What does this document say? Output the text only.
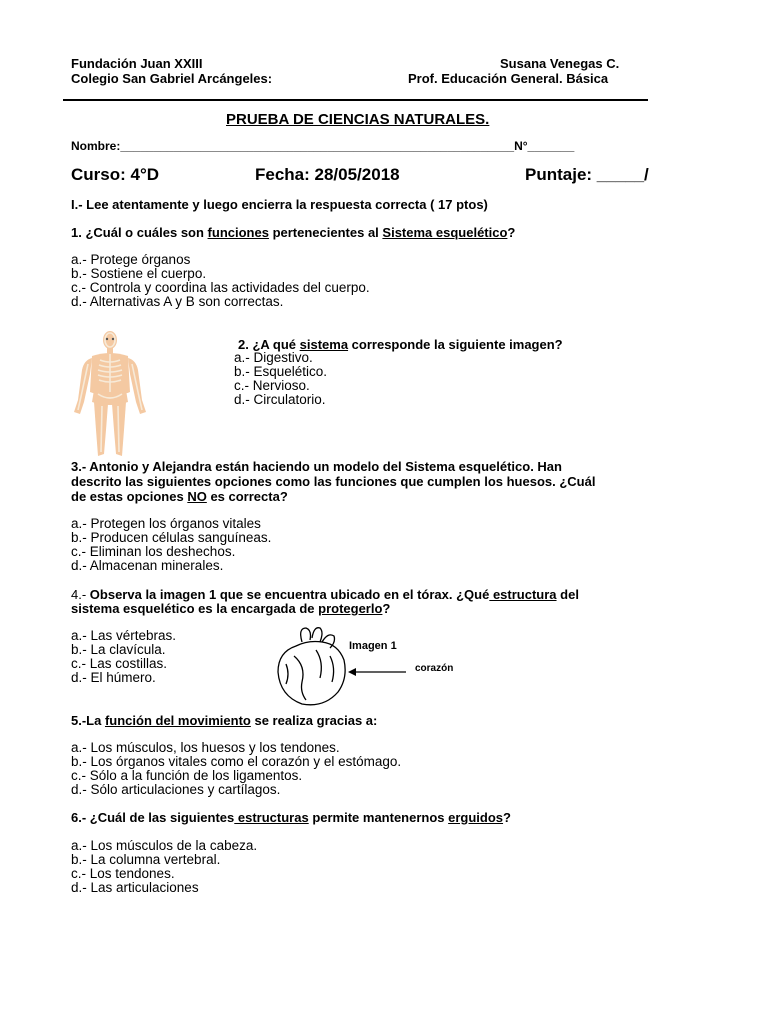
Fundación Juan XXIII
Colegio San Gabriel Arcángeles:
Susana Venegas C.
Prof. Educación General. Básica
PRUEBA DE CIENCIAS NATURALES.
Nombre:___________________________________________________________N°_______
Curso: 4°D	Fecha: 28/05/2018	Puntaje: _____/
I.- Lee atentamente y luego encierra la respuesta correcta ( 17 ptos)
1. ¿Cuál o cuáles son funciones pertenecientes al Sistema esquelético?
a.- Protege órganos
b.- Sostiene el cuerpo.
c.- Controla y coordina las actividades del cuerpo.
d.- Alternativas A y B son correctas.
2. ¿A qué sistema corresponde la siguiente imagen?
a.- Digestivo.
b.- Esquelético.
c.- Nervioso.
d.- Circulatorio.
3.- Antonio y Alejandra están haciendo un modelo del Sistema esquelético. Han
descrito las siguientes opciones como las funciones que cumplen los huesos. ¿Cuál
de estas opciones NO es correcta?
a.- Protegen los órganos vitales
b.- Producen células sanguíneas.
c.- Eliminan los deshechos.
d.- Almacenan minerales.
4.- Observa la imagen 1 que se encuentra ubicado en el tórax. ¿Qué estructura del
sistema esquelético es la encargada de protegerlo?
a.- Las vértebras.
b.- La clavícula.
c.- Las costillas.
d.- El húmero.
Imagen 1
corazón
5.-La función del movimiento se realiza gracias a:
a.- Los músculos, los huesos y los tendones.
b.- Los órganos vitales como el corazón y el estómago.
c.- Sólo a la función de los ligamentos.
d.- Sólo articulaciones y cartílagos.
6.- ¿Cuál de las siguientes estructuras permite mantenernos erguidos?
a.- Los músculos de la cabeza.
b.- La columna vertebral.
c.- Los tendones.
d.- Las articulaciones
